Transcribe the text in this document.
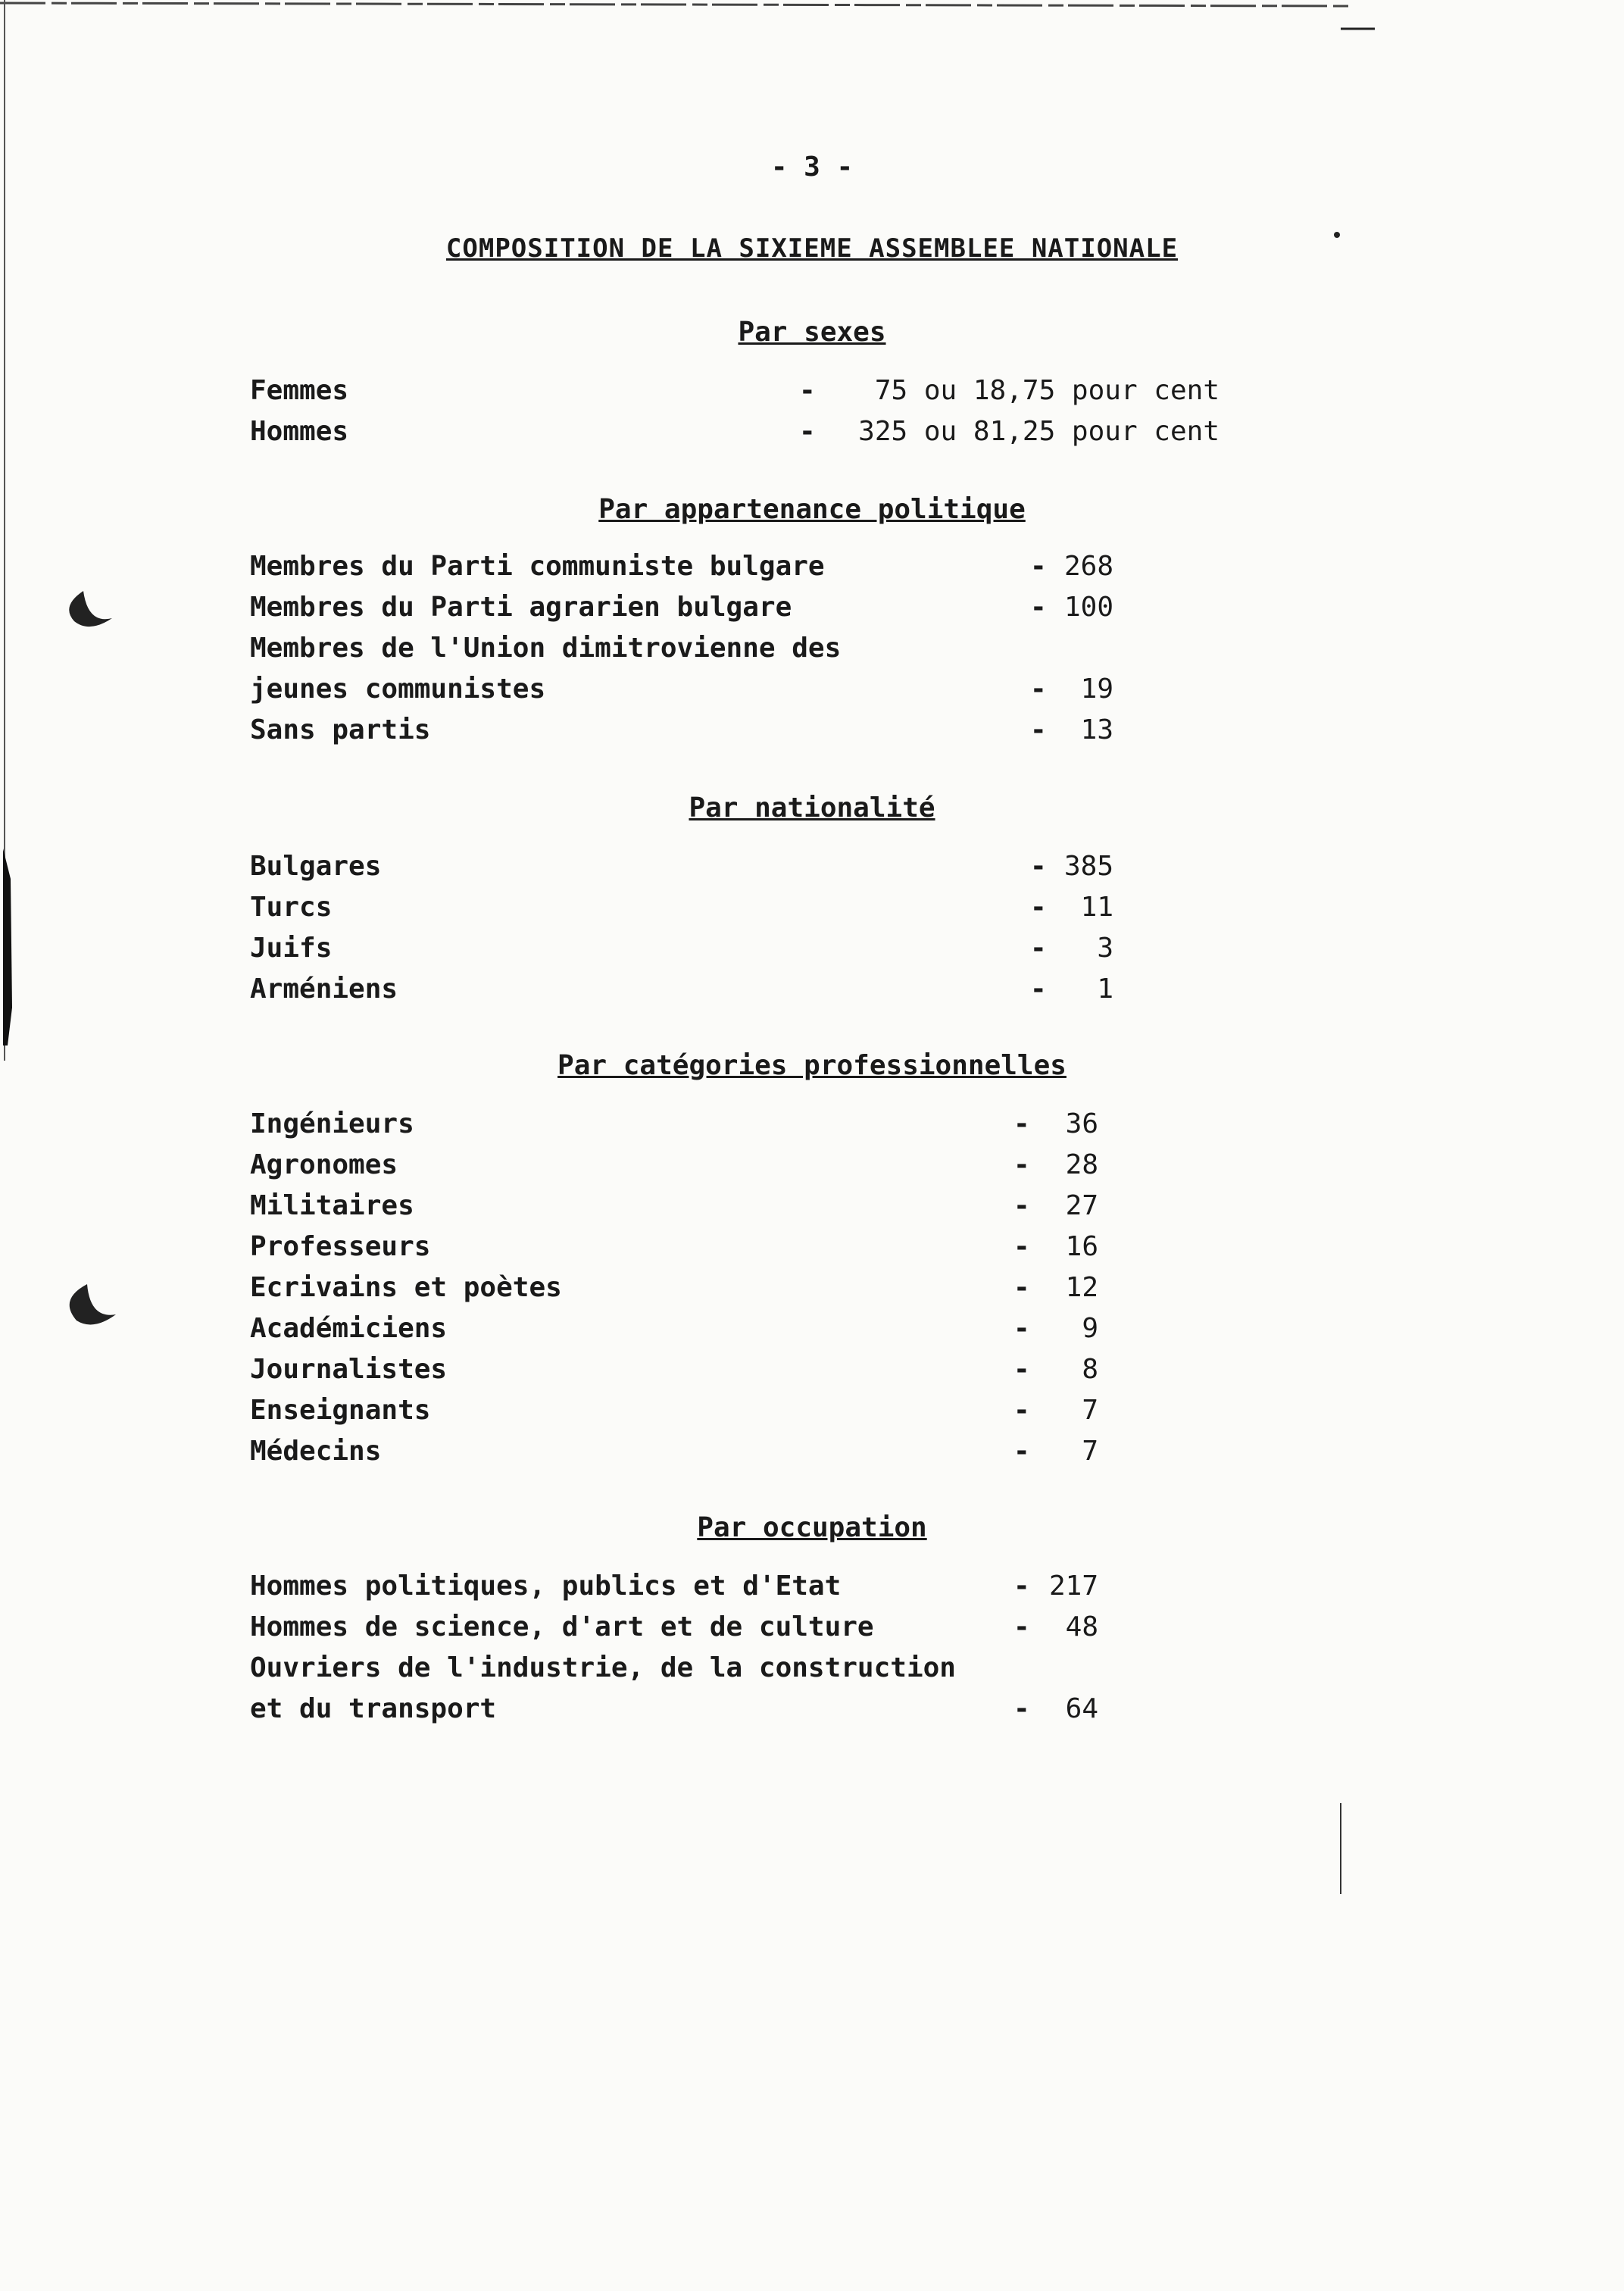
- 3 -
COMPOSITION DE LA SIXIEME ASSEMBLEE NATIONALE
Par sexes
Femmes	-	75 ou 18,75 pour cent
Hommes	-	325 ou 81,25 pour cent
Par appartenance politique
Membres du Parti communiste bulgare	- 268
Membres du Parti agrarien bulgare	- 100
Membres de l'Union dimitrovienne des
jeunes communistes	-	19
Sans partis	-	13
Par nationalité
Bulgares	- 385
Turcs	-	11
Juifs	-	3
Arméniens	-	1
Par catégories professionnelles
Ingénieurs	-	36
Agronomes	-	28
Militaires	-	27
Professeurs	-	16
Ecrivains et poètes	-	12
Académiciens	-	9
Journalistes	-	8
Enseignants	-	7
Médecins	-	7
Par occupation
Hommes politiques, publics et d'Etat	- 217
Hommes de science, d'art et de culture	-	48
Ouvriers de l'industrie, de la construction
et du transport	-	64
